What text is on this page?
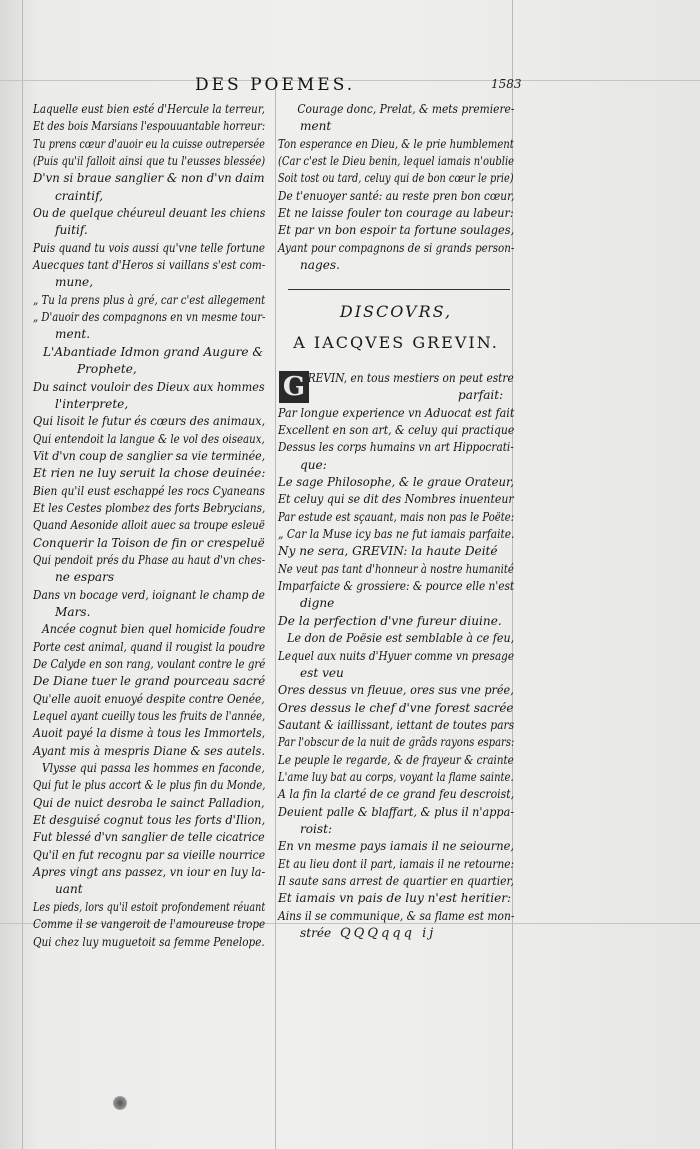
DES POEMES.	1583
Laquelle eust bien esté d'Hercule la terreur,
Et des bois Marsians l'espouuantable horreur:
Tu prens cœur d'auoir eu la cuisse outrepersée
(Puis qu'il falloit ainsi que tu l'eusses blessée)
D'vn si braue sanglier & non d'vn daim
craintif,
Ou de quelque chéureul deuant les chiens
fuitif.
Puis quand tu vois aussi qu'vne telle fortune
Auecques tant d'Heros si vaillans s'est com-
mune,
„ Tu la prens plus à gré, car c'est allegement
„ D'auoir des compagnons en vn mesme tour-
ment.
L'Abantiade Idmon grand Augure &
Prophete,
Du sainct vouloir des Dieux aux hommes
l'interprete,
Qui lisoit le futur és cœurs des animaux,
Qui entendoit la langue & le vol des oiseaux,
Vit d'vn coup de sanglier sa vie terminée,
Et rien ne luy seruit la chose deuinée:
Bien qu'il eust eschappé les rocs Cyaneans
Et les Cestes plombez des forts Bebrycians,
Quand Aesonide alloit auec sa troupe esleuë
Conquerir la Toison de fin or crespeluë
Qui pendoit prés du Phase au haut d'vn ches-
ne espars
Dans vn bocage verd, ioignant le champ de
Mars.
Ancée cognut bien quel homicide foudre
Porte cest animal, quand il rougist la poudre
De Calyde en son rang, voulant contre le gré
De Diane tuer le grand pourceau sacré
Qu'elle auoit enuoyé despite contre Oenée,
Lequel ayant cueilly tous les fruits de l'année,
Auoit payé la disme à tous les Immortels,
Ayant mis à mespris Diane & ses autels.
Vlysse qui passa les hommes en faconde,
Qui fut le plus accort & le plus fin du Monde,
Qui de nuict desroba le sainct Palladion,
Et desguisé cognut tous les forts d'Ilion,
Fut blessé d'vn sanglier de telle cicatrice
Qu'il en fut recognu par sa vieille nourrice
Apres vingt ans passez, vn iour en luy la-
uant
Les pieds, lors qu'il estoit profondement réuant
Comme il se vangeroit de l'amoureuse trope
Qui chez luy muguetoit sa femme Penelope.
Courage donc, Prelat, & mets premiere-
ment
Ton esperance en Dieu, & le prie humblement
(Car c'est le Dieu benin, lequel iamais n'oublie
Soit tost ou tard, celuy qui de bon cœur le prie)
De t'enuoyer santé: au reste pren bon cœur,
Et ne laisse fouler ton courage au labeur:
Et par vn bon espoir ta fortune soulages,
Ayant pour compagnons de si grands person-
nages.
DISCOVRS,
A IACQVES GREVIN.
G REVIN, en tous mestiers on peut estre
parfait:
Par longue experience vn Aduocat est fait
Excellent en son art, & celuy qui practique
Dessus les corps humains vn art Hippocrati-
que:
Le sage Philosophe, & le graue Orateur,
Et celuy qui se dit des Nombres inuenteur
Par estude est sçauant, mais non pas le Poëte:
„ Car la Muse icy bas ne fut iamais parfaite.
Ny ne sera, GREVIN: la haute Deité
Ne veut pas tant d'honneur à nostre humanité
Imparfaicte & grossiere: & pource elle n'est
digne
De la perfection d'vne fureur diuine.
Le don de Poësie est semblable à ce feu,
Lequel aux nuits d'Hyuer comme vn presage
est veu
Ores dessus vn fleuue, ores sus vne prée,
Ores dessus le chef d'vne forest sacrée
Sautant & iaillissant, iettant de toutes pars
Par l'obscur de la nuit de grãds rayons espars:
Le peuple le regarde, & de frayeur & crainte
L'ame luy bat au corps, voyant la flame sainte.
A la fin la clarté de ce grand feu descroist,
Deuient palle & blaffart, & plus il n'appa-
roist:
En vn mesme pays iamais il ne seiourne,
Et au lieu dont il part, iamais il ne retourne:
Il saute sans arrest de quartier en quartier,
Et iamais vn pais de luy n'est heritier:
Ains il se communique, & sa flame est mon-
strée QQQqqq ij
